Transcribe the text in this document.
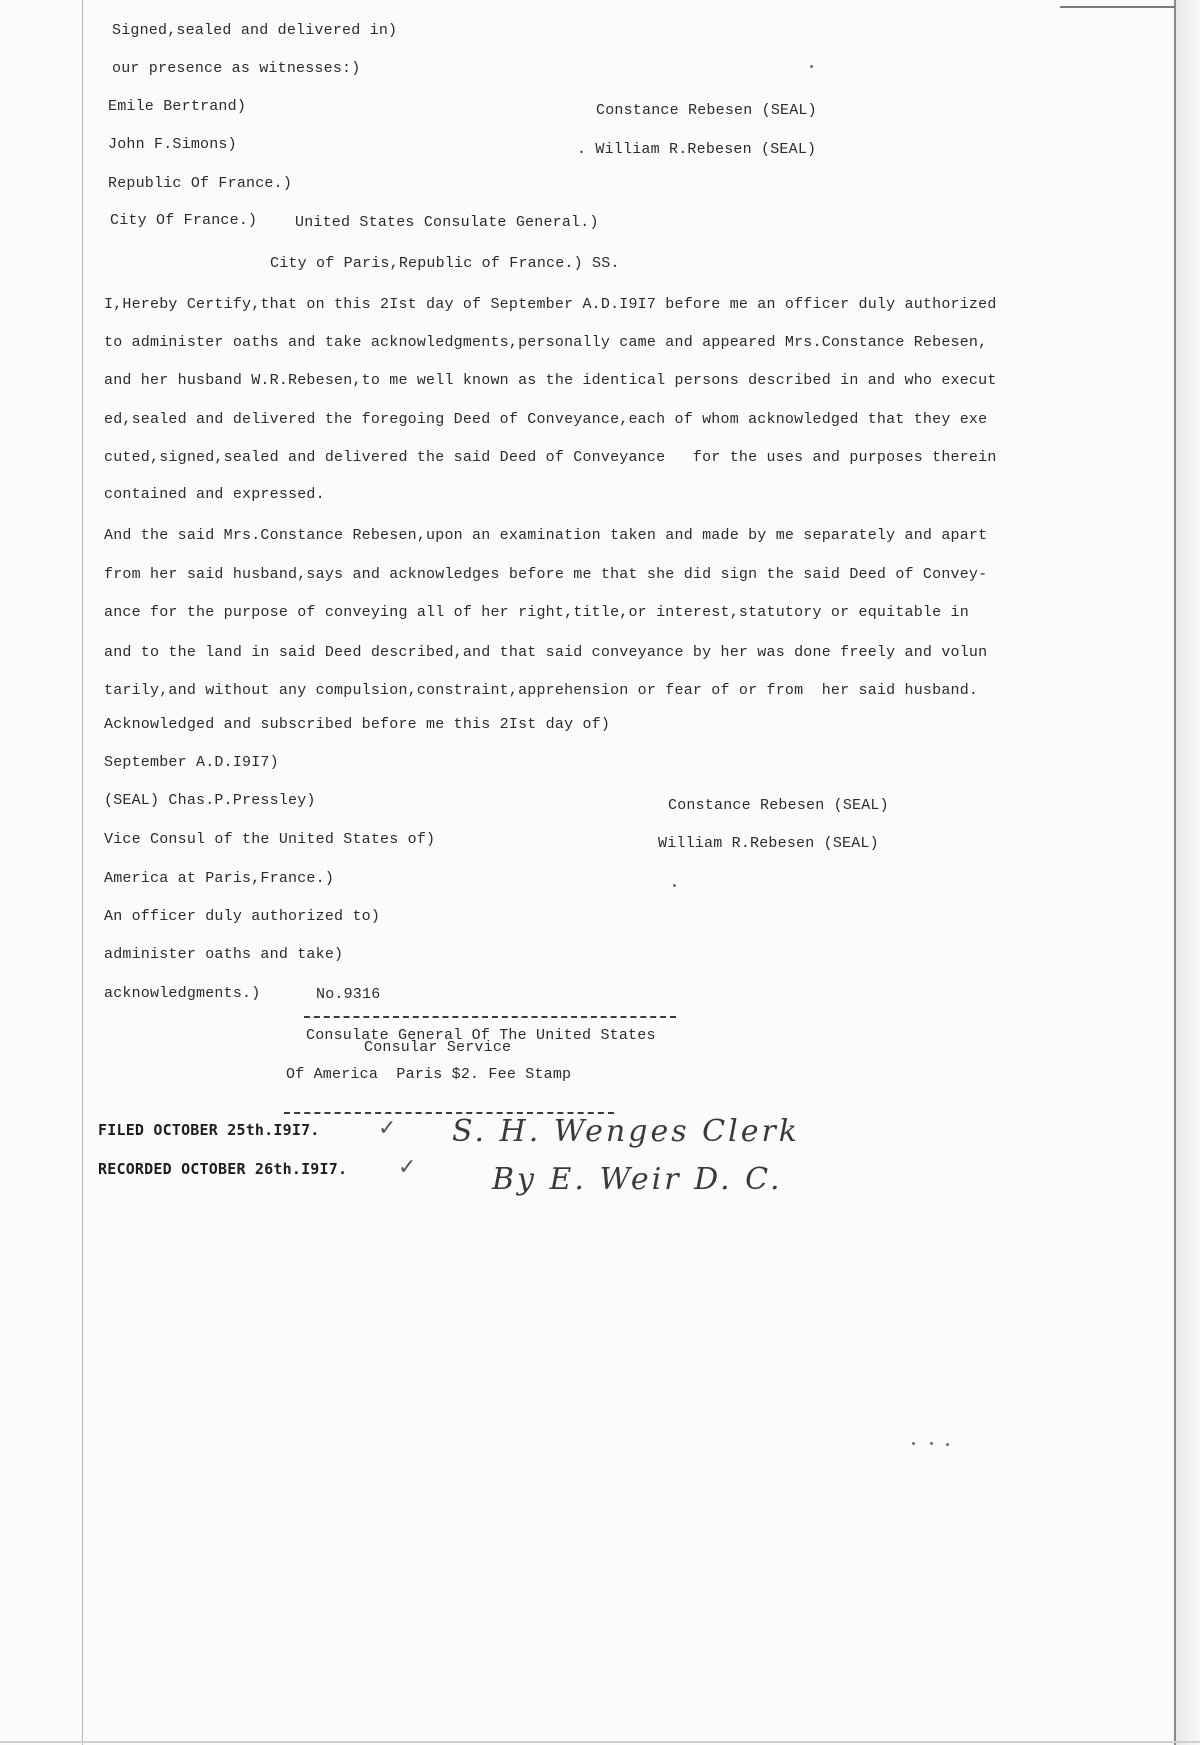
Signed,sealed and delivered in)
our presence as witnesses:)
Emile Bertrand)
John F.Simons)
Constance Rebesen (SEAL)
. William R.Rebesen (SEAL)
Republic Of France.)
City Of France.)	United States Consulate General.)
City of Paris,Republic of France.) SS.
I,Hereby Certify,that on this 2Ist day of September A.D.I9I7 before me an officer duly authorized
to administer oaths and take acknowledgments,personally came and appeared Mrs.Constance Rebesen,
and her husband W.R.Rebesen,to me well known as the identical persons described in and who execut
ed,sealed and delivered the foregoing Deed of Conveyance,each of whom acknowledged that they exe
cuted,signed,sealed and delivered the said Deed of Conveyance   for the uses and purposes therein
contained and expressed.
And the said Mrs.Constance Rebesen,upon an examination taken and made by me separately and apart
from her said husband,says and acknowledges before me that she did sign the said Deed of Convey-
ance for the purpose of conveying all of her right,title,or interest,statutory or equitable in
and to the land in said Deed described,and that said conveyance by her was done freely and volun
tarily,and without any compulsion,constraint,apprehension or fear of or from  her said husband.
Acknowledged and subscribed before me this 2Ist day of)
September A.D.I9I7)
(SEAL) Chas.P.Pressley)
Vice Consul of the United States of)
America at Paris,France.)
An officer duly authorized to)
administer oaths and take)
acknowledgments.)
Constance Rebesen (SEAL)
William R.Rebesen (SEAL)
No.9316
Consulate General Of The United States
Consular Service
Of America  Paris $2. Fee Stamp
FILED OCTOBER 25th.I9I7.
RECORDED OCTOBER 26th.I9I7.
✓
✓
S. H. Wenges Clerk
By E. Weir D. C.
